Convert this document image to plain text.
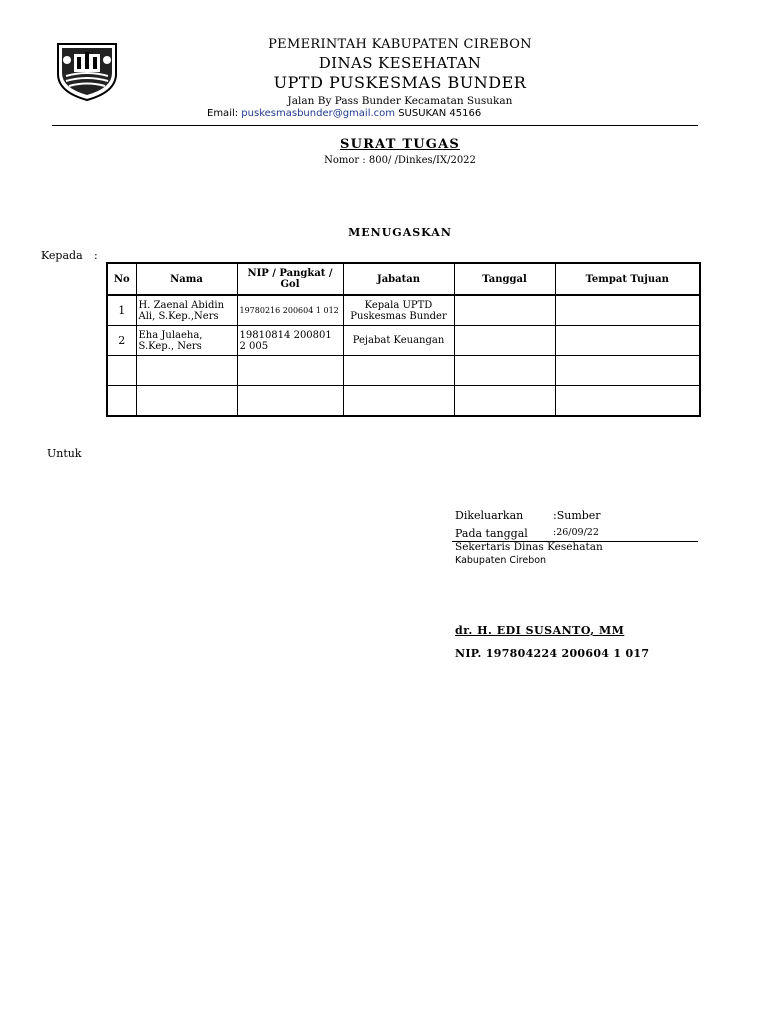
PEMERINTAH KABUPATEN CIREBON
DINAS KESEHATAN
UPTD PUSKESMAS BUNDER
Jalan By Pass Bunder Kecamatan Susukan
Email: puskesmasbunder@gmail.com SUSUKAN 45166
SURAT TUGAS
Nomor : 800/ /Dinkes/IX/2022
MENUGASKAN
Kepada :
No	Nama	NIP / Pangkat / Gol	Jabatan	Tanggal	Tempat Tujuan
1	H. Zaenal Abidin Ali, S.Kep.,Ners	19780216 200604 1 012	Kepala UPTD Puskesmas Bunder		
2	Eha Julaeha, S.Kep., Ners	19810814 200801 2 005	Pejabat Keuangan		

Untuk
Dikeluarkan	:Sumber
Pada tanggal	:26/09/22
Sekertaris Dinas Kesehatan
Kabupaten Cirebon
dr. H. EDI SUSANTO, MM
NIP. 197804224 200604 1 017
